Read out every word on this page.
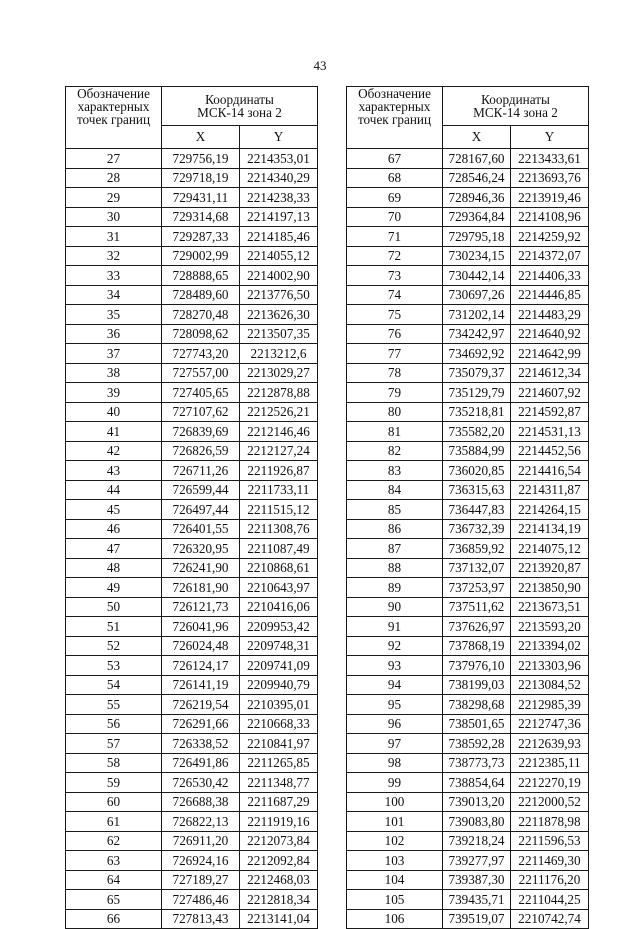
43
Обозначение
характерных
точек границ	Координаты
МСК-14 зона 2	
	X	Y
27	729756,19	2214353,01
28	729718,19	2214340,29
29	729431,11	2214238,33
30	729314,68	2214197,13
31	729287,33	2214185,46
32	729002,99	2214055,12
33	728888,65	2214002,90
34	728489,60	2213776,50
35	728270,48	2213626,30
36	728098,62	2213507,35
37	727743,20	2213212,6
38	727557,00	2213029,27
39	727405,65	2212878,88
40	727107,62	2212526,21
41	726839,69	2212146,46
42	726826,59	2212127,24
43	726711,26	2211926,87
44	726599,44	2211733,11
45	726497,44	2211515,12
46	726401,55	2211308,76
47	726320,95	2211087,49
48	726241,90	2210868,61
49	726181,90	2210643,97
50	726121,73	2210416,06
51	726041,96	2209953,42
52	726024,48	2209748,31
53	726124,17	2209741,09
54	726141,19	2209940,79
55	726219,54	2210395,01
56	726291,66	2210668,33
57	726338,52	2210841,97
58	726491,86	2211265,85
59	726530,42	2211348,77
60	726688,38	2211687,29
61	726822,13	2211919,16
62	726911,20	2212073,84
63	726924,16	2212092,84
64	727189,27	2212468,03
65	727486,46	2212818,34
66	727813,43	2213141,04
Обозначение
характерных
точек границ	Координаты
МСК-14 зона 2	
	X	Y
67	728167,60	2213433,61
68	728546,24	2213693,76
69	728946,36	2213919,46
70	729364,84	2214108,96
71	729795,18	2214259,92
72	730234,15	2214372,07
73	730442,14	2214406,33
74	730697,26	2214446,85
75	731202,14	2214483,29
76	734242,97	2214640,92
77	734692,92	2214642,99
78	735079,37	2214612,34
79	735129,79	2214607,92
80	735218,81	2214592,87
81	735582,20	2214531,13
82	735884,99	2214452,56
83	736020,85	2214416,54
84	736315,63	2214311,87
85	736447,83	2214264,15
86	736732,39	2214134,19
87	736859,92	2214075,12
88	737132,07	2213920,87
89	737253,97	2213850,90
90	737511,62	2213673,51
91	737626,97	2213593,20
92	737868,19	2213394,02
93	737976,10	2213303,96
94	738199,03	2213084,52
95	738298,68	2212985,39
96	738501,65	2212747,36
97	738592,28	2212639,93
98	738773,73	2212385,11
99	738854,64	2212270,19
100	739013,20	2212000,52
101	739083,80	2211878,98
102	739218,24	2211596,53
103	739277,97	2211469,30
104	739387,30	2211176,20
105	739435,71	2211044,25
106	739519,07	2210742,74
